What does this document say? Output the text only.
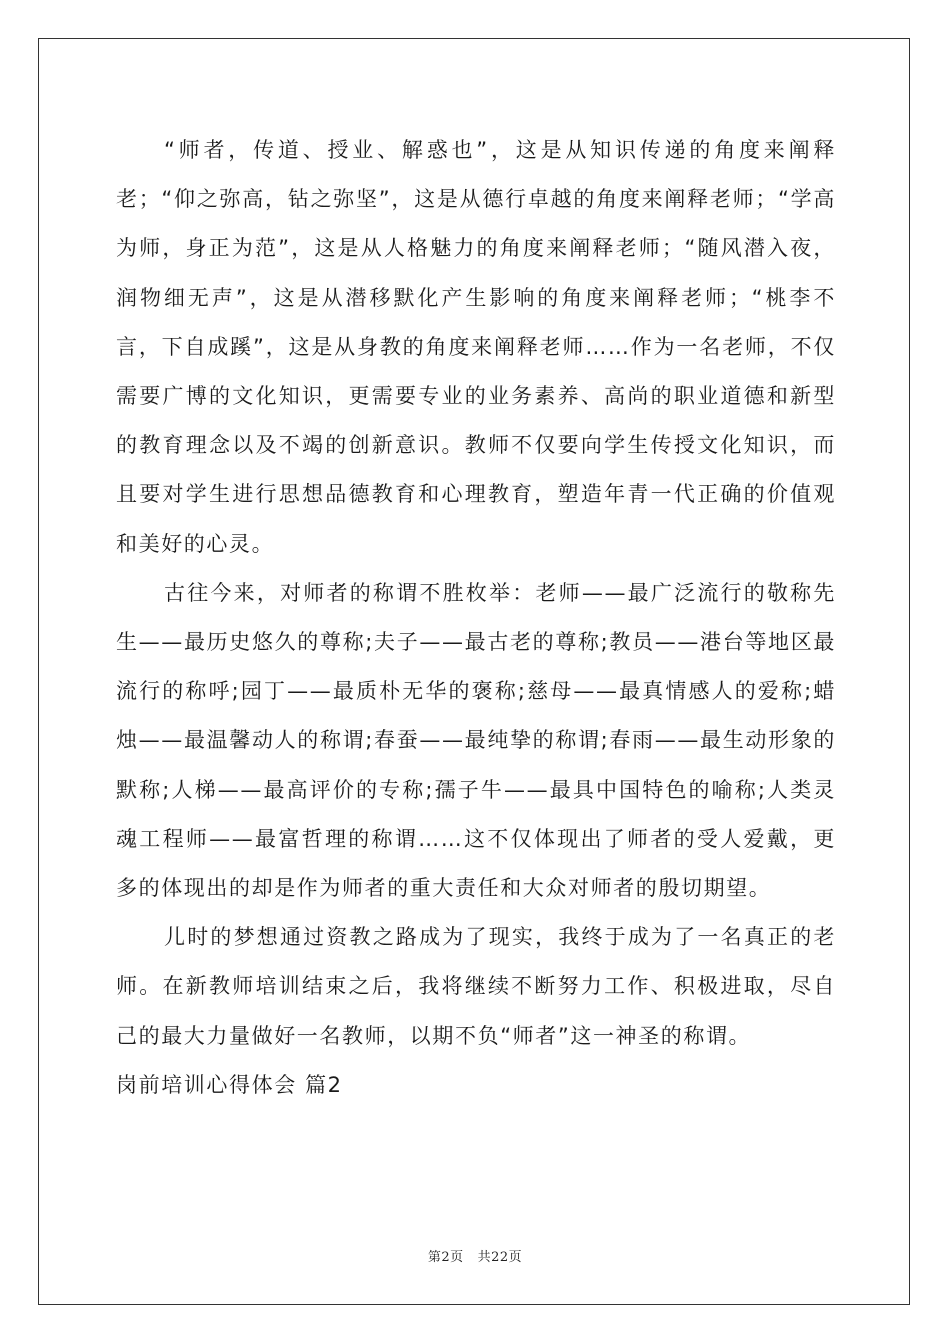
“师者，传道、授业、解惑也”，这是从知识传递的角度来阐释老；“仰之弥高，钻之弥坚”，这是从德行卓越的角度来阐释老师；“学高为师，身正为范”，这是从人格魅力的角度来阐释老师；“随风潜入夜，润物细无声”，这是从潜移默化产生影响的角度来阐释老师；“桃李不言，下自成蹊”，这是从身教的角度来阐释老师……作为一名老师，不仅需要广博的文化知识，更需要专业的业务素养、高尚的职业道德和新型的教育理念以及不竭的创新意识。教师不仅要向学生传授文化知识，而且要对学生进行思想品德教育和心理教育，塑造年青一代正确的价值观和美好的心灵。

古往今来，对师者的称谓不胜枚举：老师——最广泛流行的敬称先生——最历史悠久的尊称;夫子——最古老的尊称;教员——港台等地区最流行的称呼;园丁——最质朴无华的褒称;慈母——最真情感人的爱称;蜡烛——最温馨动人的称谓;春蚕——最纯挚的称谓;春雨——最生动形象的默称;人梯——最高评价的专称;孺子牛——最具中国特色的喻称;人类灵魂工程师——最富哲理的称谓……这不仅体现出了师者的受人爱戴，更多的体现出的却是作为师者的重大责任和大众对师者的殷切期望。

儿时的梦想通过资教之路成为了现实，我终于成为了一名真正的老师。在新教师培训结束之后，我将继续不断努力工作、积极进取，尽自己的最大力量做好一名教师，以期不负“师者”这一神圣的称谓。

岗前培训心得体会 篇2

第2页 共22页
